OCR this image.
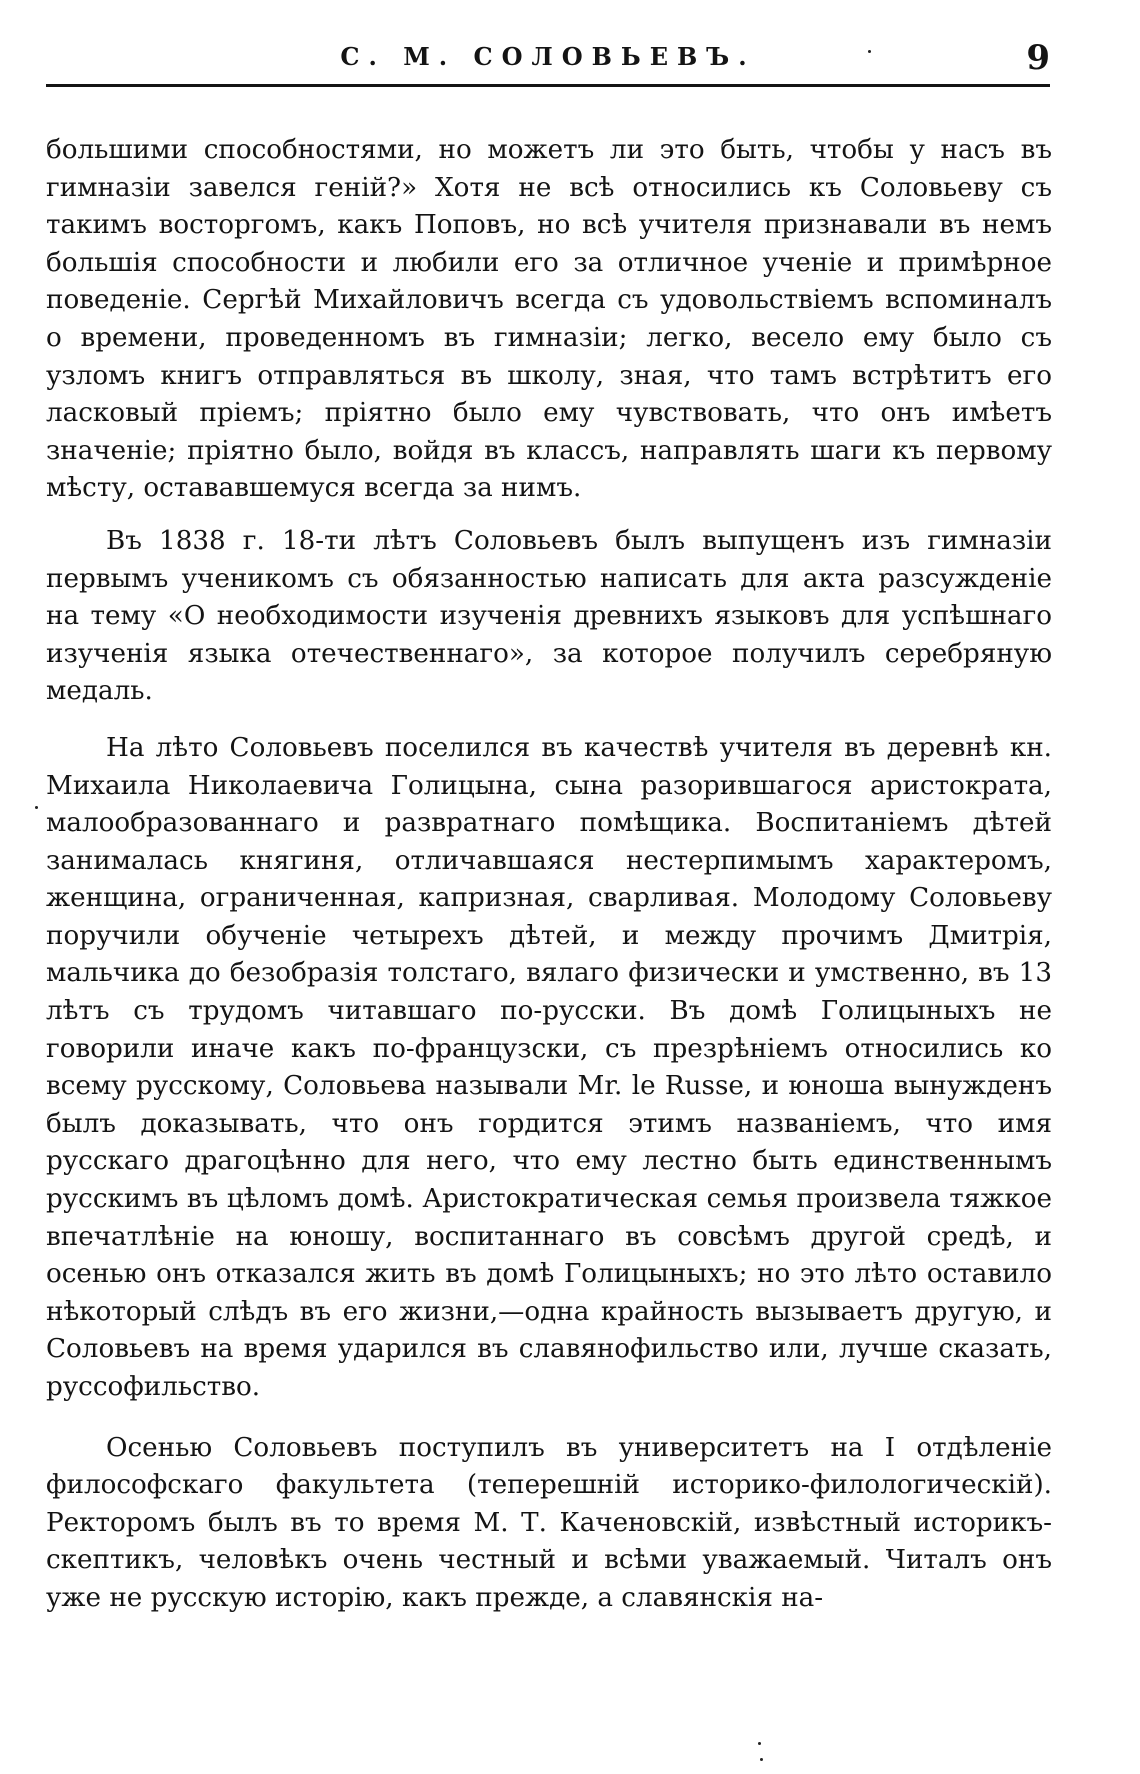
С. М. СОЛОВЬЕВЪ.	9

большими способностями, но можетъ ли это быть, чтобы у насъ въ гимназіи завелся геній?» Хотя не всѣ относились къ Соловьеву съ такимъ восторгомъ, какъ Поповъ, но всѣ учителя признавали въ немъ большія способности и любили его за отличное ученіе и примѣрное поведеніе. Сергѣй Михайловичъ всегда съ удовольствіемъ вспоминалъ о времени, проведенномъ въ гимназіи; легко, весело ему было съ узломъ книгъ отправляться въ школу, зная, что тамъ встрѣтитъ его ласковый пріемъ; пріятно было ему чувствовать, что онъ имѣетъ значеніе; пріятно было, войдя въ классъ, направлять шаги къ первому мѣсту, остававшемуся всегда за нимъ.

Въ 1838 г. 18-ти лѣтъ Соловьевъ былъ выпущенъ изъ гимназіи первымъ ученикомъ съ обязанностью написать для акта разсужденіе на тему «О необходимости изученія древнихъ языковъ для успѣшнаго изученія языка отечественнаго», за которое получилъ серебряную медаль.

На лѣто Соловьевъ поселился въ качествѣ учителя въ деревнѣ кн. Михаила Николаевича Голицына, сына разорившагося аристократа, малообразованнаго и развратнаго помѣщика. Воспитаніемъ дѣтей занималась княгиня, отличавшаяся нестерпимымъ характеромъ, женщина, ограниченная, капризная, сварливая. Молодому Соловьеву поручили обученіе четырехъ дѣтей, и между прочимъ Дмитрія, мальчика до безобразія толстаго, вялаго физически и умственно, въ 13 лѣтъ съ трудомъ читавшаго по-русски. Въ домѣ Голицыныхъ не говорили иначе какъ по-французски, съ презрѣніемъ относились ко всему русскому, Соловьева называли Mr. le Russe, и юноша вынужденъ былъ доказывать, что онъ гордится этимъ названіемъ, что имя русскаго драгоцѣнно для него, что ему лестно быть единственнымъ русскимъ въ цѣломъ домѣ. Аристократическая семья произвела тяжкое впечатлѣніе на юношу, воспитаннаго въ совсѣмъ другой средѣ, и осенью онъ отказался жить въ домѣ Голицыныхъ; но это лѣто оставило нѣкоторый слѣдъ въ его жизни,—одна крайность вызываетъ другую, и Соловьевъ на время ударился въ славянофильство или, лучше сказать, руссофильство.

Осенью Соловьевъ поступилъ въ университетъ на I отдѣленіе философскаго факультета (теперешній историко-филологическій). Ректоромъ былъ въ то время М. Т. Каченовскій, извѣстный историкъ-скептикъ, человѣкъ очень честный и всѣми уважаемый. Читалъ онъ уже не русскую исторію, какъ прежде, а славянскія на-
